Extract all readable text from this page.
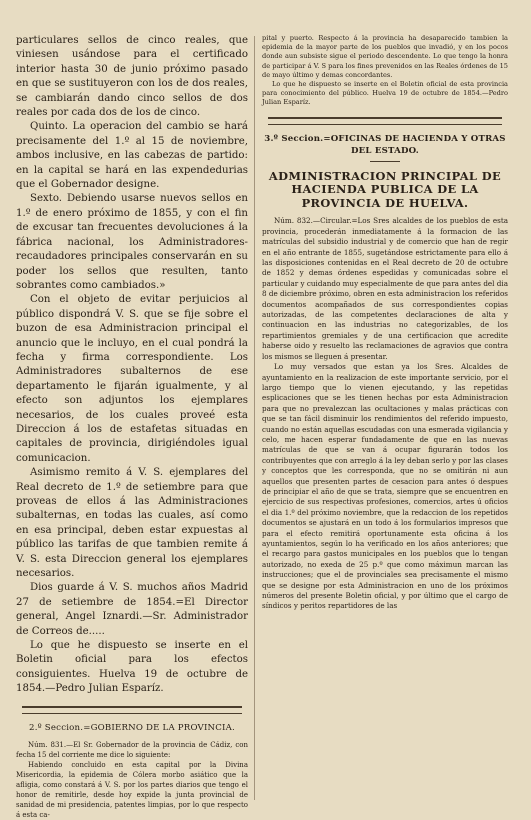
particulares sellos de cinco reales, que viniesen usándose para el certificado interior hasta 30 de junio próximo pasado en que se sustituyeron con los de dos reales, se cambiarán dando cinco sellos de dos reales por cada dos de los de cinco.

Quinto. La operacion del cambio se hará precisamente del 1.º al 15 de noviembre, ambos inclusive, en las cabezas de partido: en la capital se hará en las expendedurias que el Gobernador designe.

Sexto. Debiendo usarse nuevos sellos en 1.º de enero próximo de 1855, y con el fin de excusar tan frecuentes devoluciones á la fábrica nacional, los Administradores-recaudadores principales conservarán en su poder los sellos que resulten, tanto sobrantes como cambiados.»

Con el objeto de evitar perjuicios al público dispondrá V. S. que se fije sobre el buzon de esa Administracion principal el anuncio que le incluyo, en el cual pondrá la fecha y firma correspondiente. Los Administradores subalternos de ese departamento le fijarán igualmente, y al efecto son adjuntos los ejemplares necesarios, de los cuales proveé esta Direccion á los de estafetas situadas en capitales de provincia, dirigiéndoles igual comunicacion.

Asimismo remito á V. S. ejemplares del Real decreto de 1.º de setiembre para que proveas de ellos á las Administraciones subalternas, en todas las cuales, así como en esa principal, deben estar expuestas al público las tarifas de que tambien remite á V. S. esta Direccion general los ejemplares necesarios.

Dios guarde á V. S. muchos años Madrid 27 de setiembre de 1854.=El Director general, Angel Iznardi.—Sr. Administrador de Correos de.....

Lo que he dispuesto se inserte en el Boletin oficial para los efectos consiguientes. Huelva 19 de octubre de 1854.—Pedro Julian Esparíz.

2.º Seccion.=GOBIERNO DE LA PROVINCIA.

Núm. 831.—El Sr. Gobernador de la provincia de Cádiz, con fecha 15 del corriente me dice lo siguiente:

Habiendo concluido en esta capital por la Divina Misericordia, la epidemia de Cólera morbo asiático que la afligia, como constará á V. S. por los partes diarios que tengo el honor de remitirle, desde hoy expide la junta provincial de sanidad de mi presidencia, patentes limpias, por lo que respecto á esta ca-

pital y puerto. Respecto á la provincia ha desaparecido tambien la epidemia de la mayor parte de los pueblos que invadió, y en los pocos donde aun subsiste sigue el periodo descendente. Lo que tengo la honra de participar á V. S para los fines prevenidos en las Reales órdenes de 15 de mayo último y demas concordantes.

Lo que he dispuesto se inserte en el Boletin oficial de esta provincia para conocimiento del público. Huelva 19 de octubre de 1854.—Pedro Julian Esparíz.

3.º Seccion.=OFICINAS DE HACIENDA Y OTRAS DEL ESTADO.
ADMINISTRACION PRINCIPAL DE HACIENDA PUBLICA DE LA PROVINCIA DE HUELVA.

Núm. 832.—Circular.=Los Sres alcaldes de los pueblos de esta provincia, procederán inmediatamente á la formacion de las matrículas del subsidio industrial y de comercio que han de regir en el año entrante de 1855, sugetándose estrictamente para ello á las disposiciones contenidas en el Real decreto de 20 de octubre de 1852 y demas órdenes espedidas y comunicadas sobre el particular y cuidando muy especialmente de que para antes del dia 8 de diciembre próximo, obren en esta administracion los referidos documentos acompañados de sus correspondientes copias autorizadas, de las competentes declaraciones de alta y continuacion en las industrias no categorizables, de los repartimientos gremiales y de una certificacion que acredite haberse oido y resuelto las reclamaciones de agravios que contra los mismos se lleguen á presentar.

Lo muy versados que estan ya los Sres. Alcaldes de ayuntamiento en la realizacion de este importante servicio, por el largo tiempo que lo vienen ejecutando, y las repetidas esplicaciones que se les tienen hechas por esta Administracion para que no prevalezcan las ocultaciones y malas prácticas con que se tan fácil disminuir los rendimientos del referido impuesto, cuando no están aquellas escudadas con una esmerada vigilancia y celo, me hacen esperar fundadamente de que en las nuevas matrículas de que se van á ocupar figurarán todos los contribuyentes que con arreglo á la ley deban serlo y por las clases y conceptos que les corresponda, que no se omitirán ni aun aquellos que presenten partes de cesacion para antes ó despues de principiar el año de que se trata, siempre que se encuentren en ejercicio de sus respectivas profesiones, comercios, artes ú oficios el dia 1.º del próximo noviembre, que la redaccion de los repetidos documentos se ajustará en un todo á los formularios impresos que para el efecto remitirá oportunamente esta oficina á los ayuntamientos, según lo ha verificado en los años anteriores; que el recargo para gastos municipales en los pueblos que lo tengan autorizado, no exeda de 25 p.º que como máximun marcan las instrucciones; que el de provinciales sea precisamente el mismo que se designe por esta Administracion en uno de los próximos números del presente Boletin oficial, y por último que el cargo de síndicos y peritos repartidores de las
